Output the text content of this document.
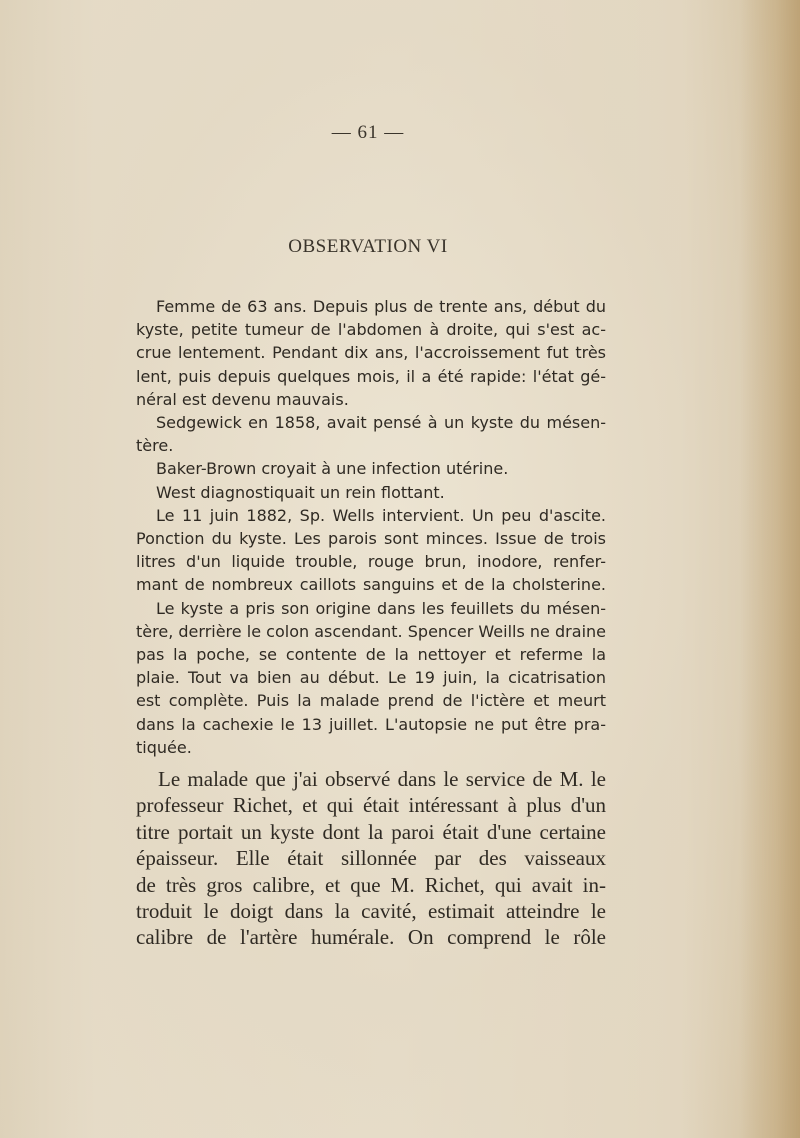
— 61 —
OBSERVATION VI
Femme de 63 ans. Depuis plus de trente ans, début du
kyste, petite tumeur de l'abdomen à droite, qui s'est ac-
crue lentement. Pendant dix ans, l'accroissement fut très
lent, puis depuis quelques mois, il a été rapide: l'état gé-
néral est devenu mauvais.
Sedgewick en 1858, avait pensé à un kyste du mésen-
tère.
Baker-Brown croyait à une infection utérine.
West diagnostiquait un rein flottant.
Le 11 juin 1882, Sp. Wells intervient. Un peu d'ascite.
Ponction du kyste. Les parois sont minces. Issue de trois
litres d'un liquide trouble, rouge brun, inodore, renfer-
mant de nombreux caillots sanguins et de la cholsterine.
Le kyste a pris son origine dans les feuillets du mésen-
tère, derrière le colon ascendant. Spencer Weills ne draine
pas la poche, se contente de la nettoyer et referme la
plaie. Tout va bien au début. Le 19 juin, la cicatrisation
est complète. Puis la malade prend de l'ictère et meurt
dans la cachexie le 13 juillet. L'autopsie ne put être pra-
tiquée.
Le malade que j'ai observé dans le service de M. le
professeur Richet, et qui était intéressant à plus d'un
titre portait un kyste dont la paroi était d'une certaine
épaisseur. Elle était sillonnée par des vaisseaux
de très gros calibre, et que M. Richet, qui avait in-
troduit le doigt dans la cavité, estimait atteindre le
calibre de l'artère humérale. On comprend le rôle
